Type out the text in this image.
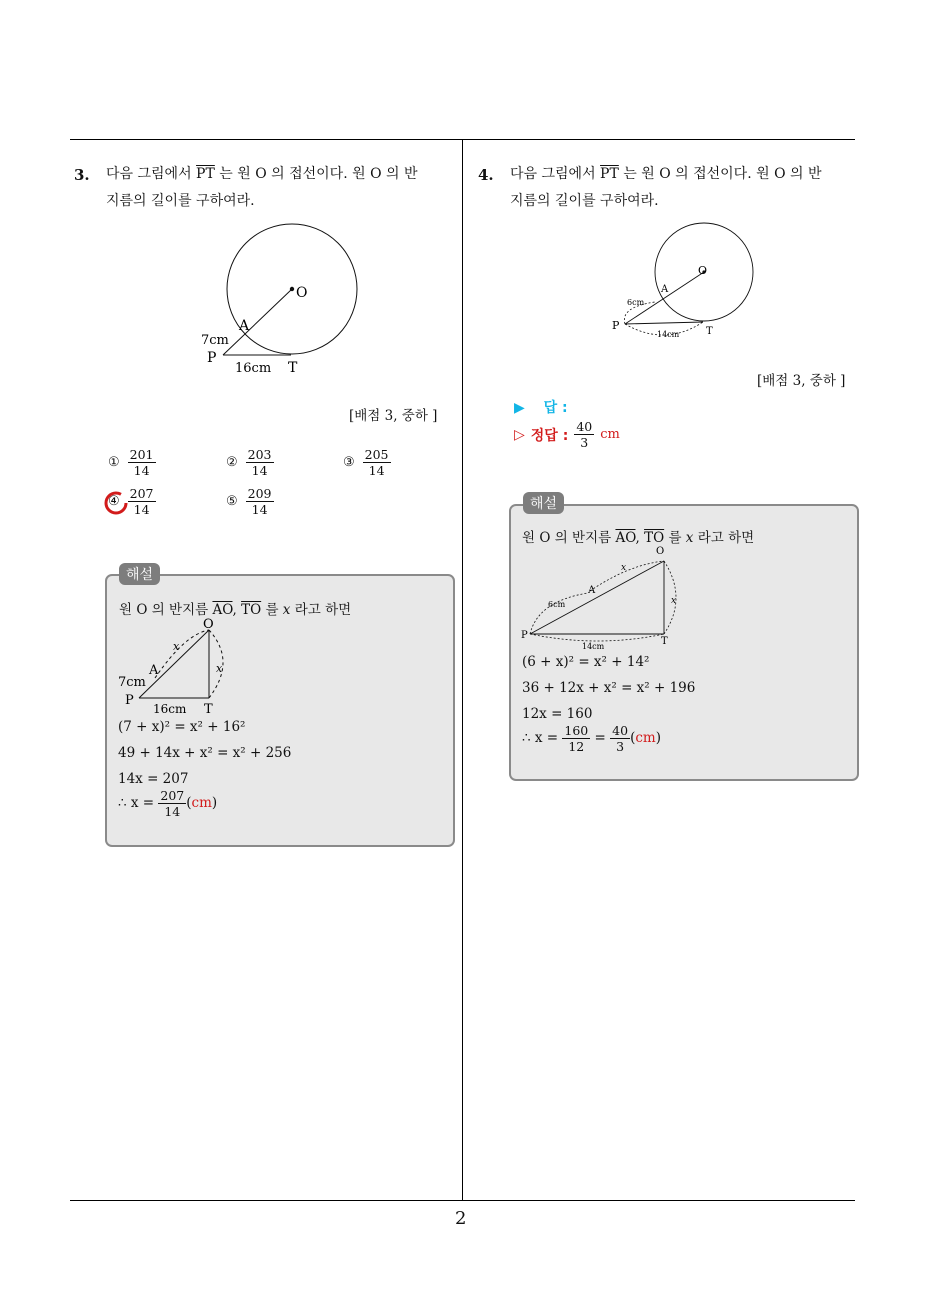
2
3. 다음 그림에서 $\overline{PT}$ 는 원 O 의 접선이다. 원 O 의 반
지름의 길이를 구하여라.
O
A
7cm
P
16cm T
[배점 3, 중하 ]
① $\frac{201}{14}$	② $\frac{203}{14}$	③ $\frac{205}{14}$
④ $\frac{207}{14}$	⑤ $\frac{209}{14}$
해설
원 O 의 반지름 $\overline{AO}$, $\overline{TO}$ 를 x 라고 하면
O
A
7cm
P
16cm T
x
x
(7 + x)² = x² + 16²
49 + 14x + x² = x² + 256
14x = 207
∴ $x = \frac{207}{14} (cm)$
4. 다음 그림에서 $\overline{PT}$ 는 원 O 의 접선이다. 원 O 의 반
지름의 길이를 구하여라.
O
A
6cm
P
14cm	T
[배점 3, 중하 ]
▶ 답 :
▷ 정답 : $\frac{40}{3}$ cm
해설
원 O 의 반지름 $\overline{AO}$, $\overline{TO}$ 를 x 라고 하면
O
A
6cm
P
14cm	T
x
x
(6 + x)² = x² + 14²
36 + 12x + x² = x² + 196
12x = 160
∴ $x = \frac{160}{12} = \frac{40}{3} (cm)$
